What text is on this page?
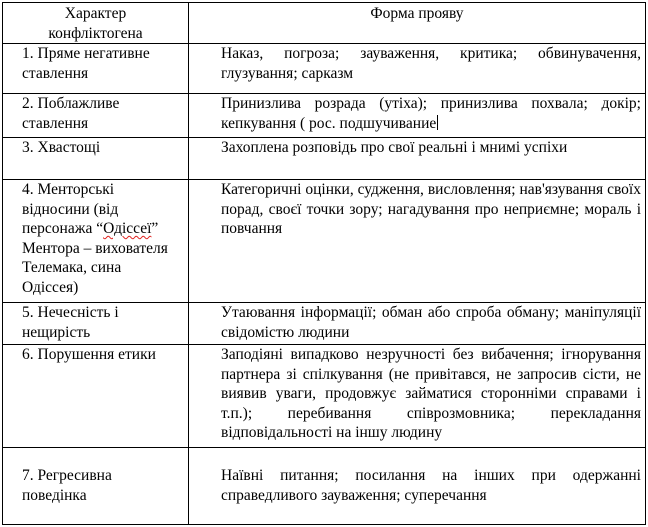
Характер
конфліктогена	Форма прояву

1. Пряме негативне
ставлення	Наказ, погроза; зауваження, критика; обвинувачення, глузування; сарказм

2. Поблажливе
ставлення	Принизлива розрада (утіха); принизлива похвала; докір; кепкування ( рос. подшучивание

3. Хвастощі	Захоплена розповідь про свої реальні і мнимі успіхи

4. Менторські відносини (від персонажа “Одіссеї” Ментора – вихователя Телемака, сина Одіссея)	Категоричні оцінки, судження, висловлення; нав'язування своїх порад, своєї точки зору; нагадування про неприємне; мораль і повчання

5. Нечесність і
нещирість	Утаювання інформації; обман або спроба обману; маніпуляції свідомістю людини

6. Порушення етики	Заподіяні випадково незручності без вибачення; ігнорування партнера зі спілкування (не привітався, не запросив сісти, не виявив уваги, продовжує займатися сторонніми справами і т.п.); перебивання співрозмовника; перекладання відповідальності на іншу людину

7. Регресивна
поведінка	Наївні питання; посилання на інших при одержанні справедливого зауваження; суперечання
